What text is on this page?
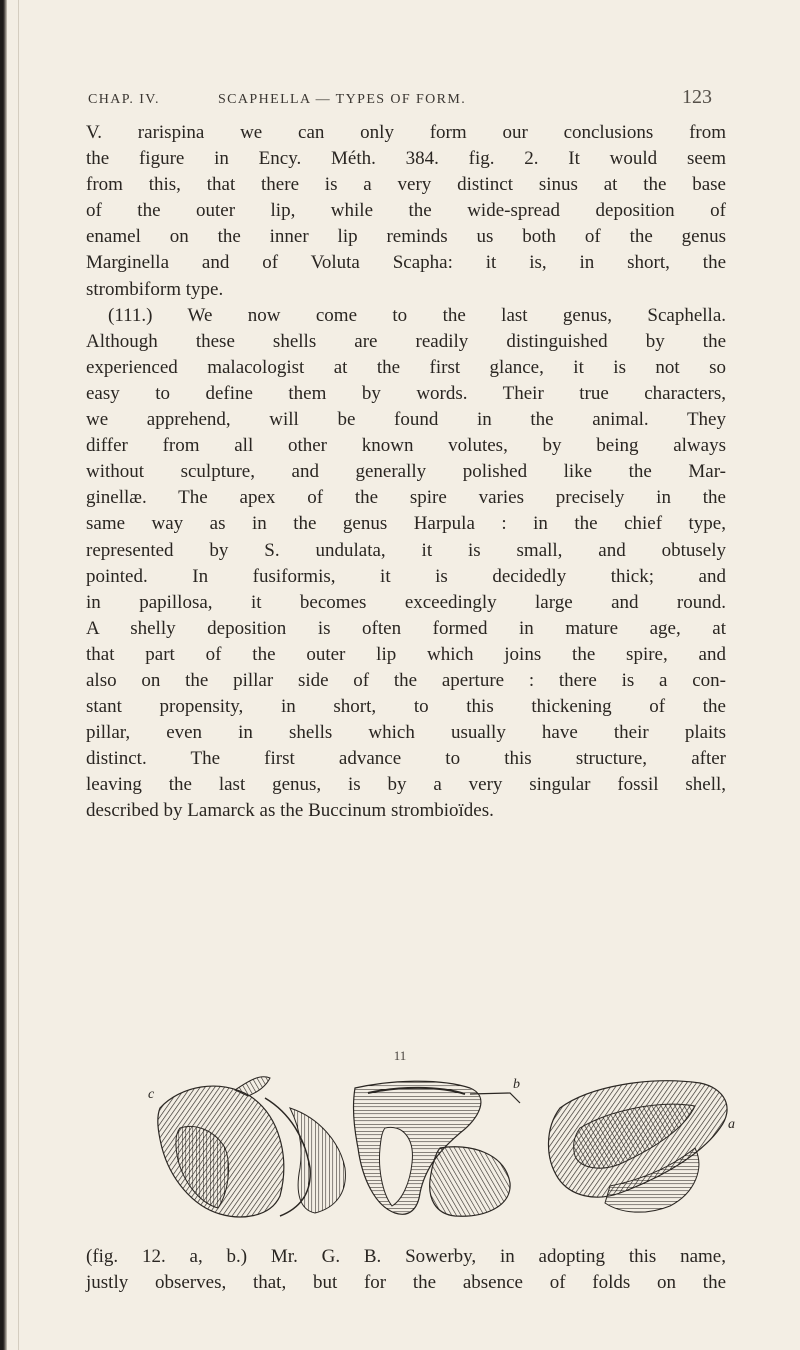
CHAP. IV.	SCAPHELLA — TYPES OF FORM.	123
V. rarispina we can only form our conclusions from
the figure in Ency. Méth. 384. fig. 2. It would seem
from this, that there is a very distinct sinus at the base
of the outer lip, while the wide-spread deposition of
enamel on the inner lip reminds us both of the genus
Marginella and of Voluta Scapha: it is, in short, the
strombiform type.
(111.) We now come to the last genus, Scaphella.
Although these shells are readily distinguished by the
experienced malacologist at the first glance, it is not so
easy to define them by words. Their true characters,
we apprehend, will be found in the animal. They
differ from all other known volutes, by being always
without sculpture, and generally polished like the Mar-
ginellæ. The apex of the spire varies precisely in the
same way as in the genus Harpula : in the chief type,
represented by S. undulata, it is small, and obtusely
pointed. In fusiformis, it is decidedly thick; and
in papillosa, it becomes exceedingly large and round.
A shelly deposition is often formed in mature age, at
that part of the outer lip which joins the spire, and
also on the pillar side of the aperture : there is a con-
stant propensity, in short, to this thickening of the
pillar, even in shells which usually have their plaits
distinct. The first advance to this structure, after
leaving the last genus, is by a very singular fossil shell,
described by Lamarck as the Buccinum strombioïdes.
11
c
b
a
(fig. 12. a, b.) Mr. G. B. Sowerby, in adopting this name,
justly observes, that, but for the absence of folds on the
